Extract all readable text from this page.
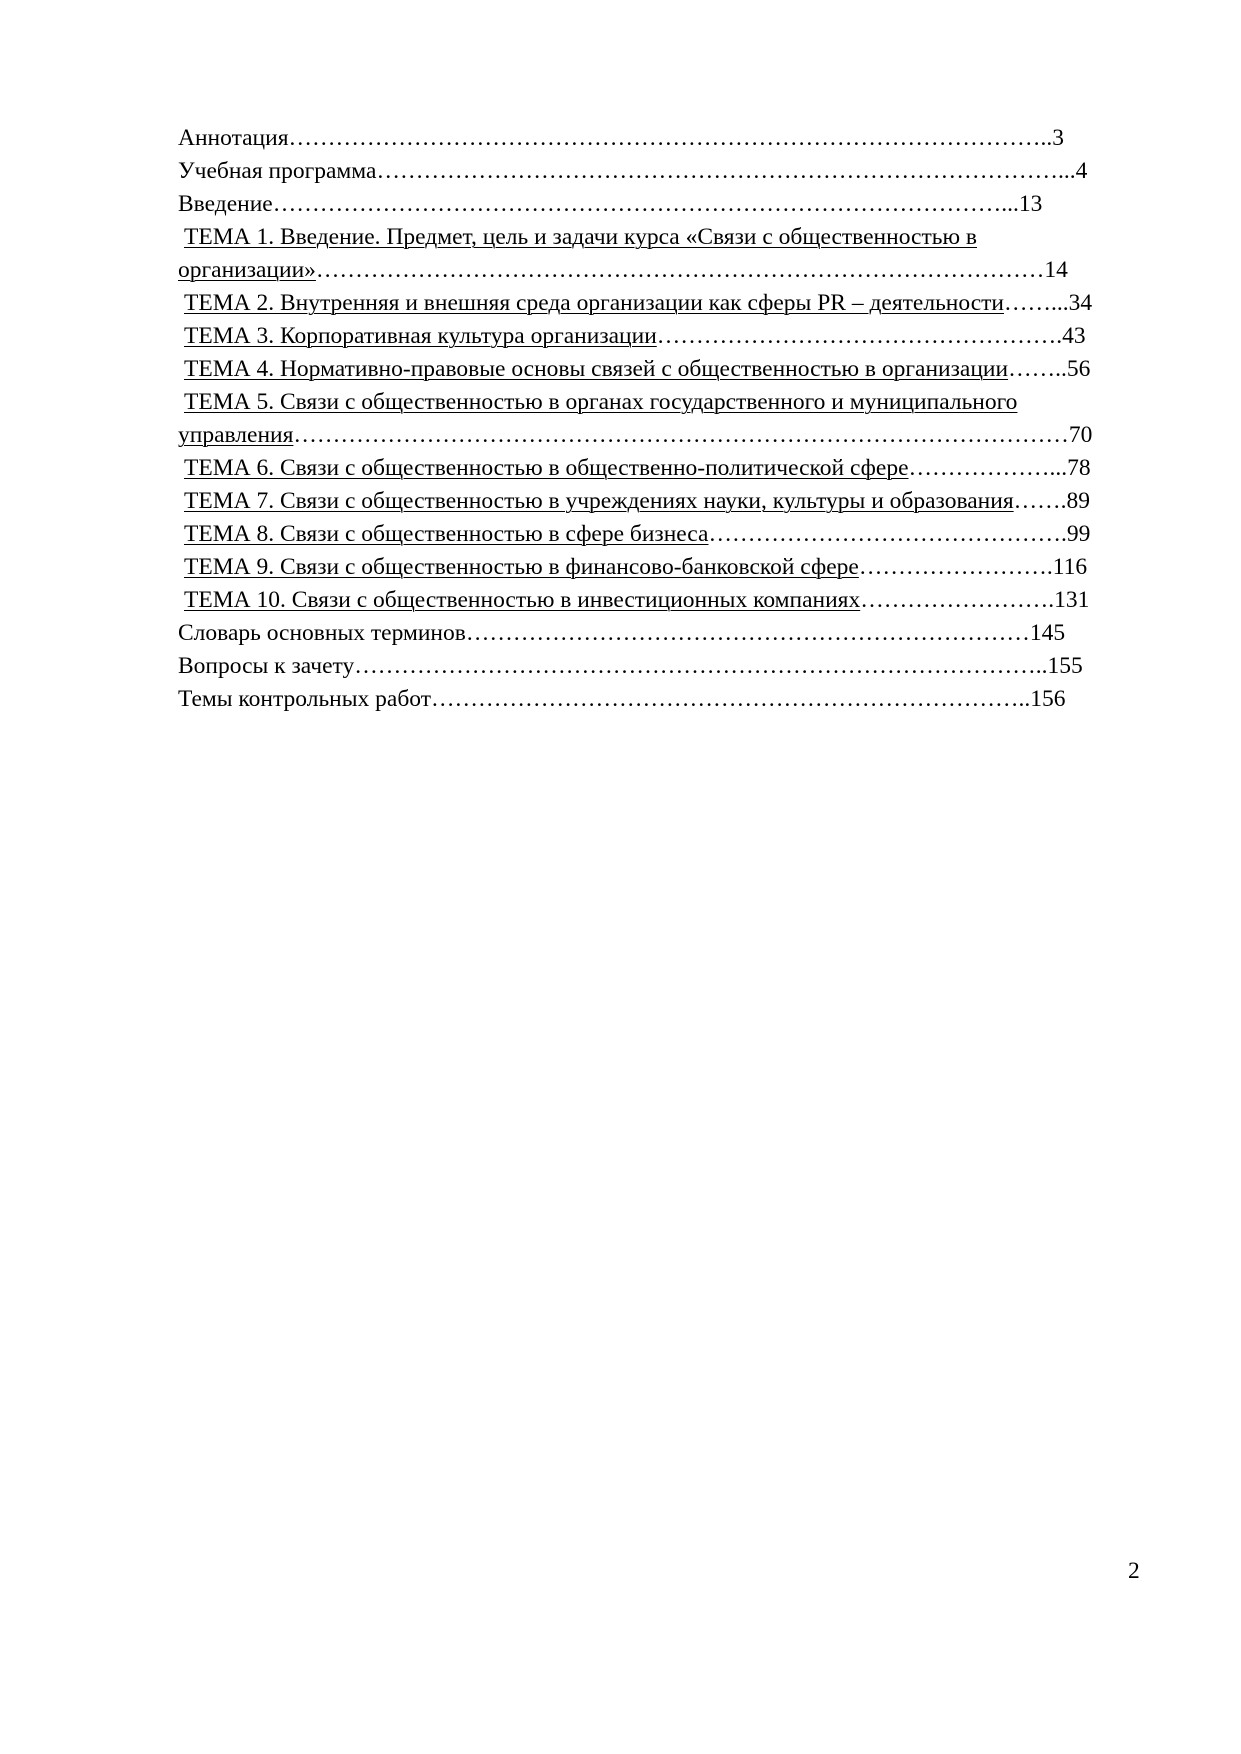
Аннотация……………………………………………………………………………………..3
Учебная программа……………………………………………………………………………...4
Введение…………………………………………………………………………………...13
ТЕМА 1. Введение. Предмет, цель и задачи курса «Связи с общественностью в
организации»…………………………………………………………………………………14
ТЕМА 2. Внутренняя и внешняя среда организации как сферы PR – деятельности……...34
ТЕМА 3. Корпоративная культура организации…………………………………………….43
ТЕМА 4. Нормативно-правовые основы связей с общественностью в организации……..56
ТЕМА 5. Связи с общественностью в органах государственного и муниципального
управления………………………………………………………………………………………70
ТЕМА 6. Связи с общественностью в общественно-политической сфере………………...78
ТЕМА 7. Связи с общественностью в учреждениях науки, культуры и образования…….89
ТЕМА 8. Связи с общественностью в сфере бизнеса……………………………………….99
ТЕМА 9. Связи с общественностью в финансово-банковской сфере…………………….116
ТЕМА 10. Связи с общественностью в инвестиционных компаниях…………………….131
Словарь основных терминов………………………………………………………………145
Вопросы к зачету……………………………………………………………………………..155
Темы контрольных работ…………………………………………………………………..156
2
